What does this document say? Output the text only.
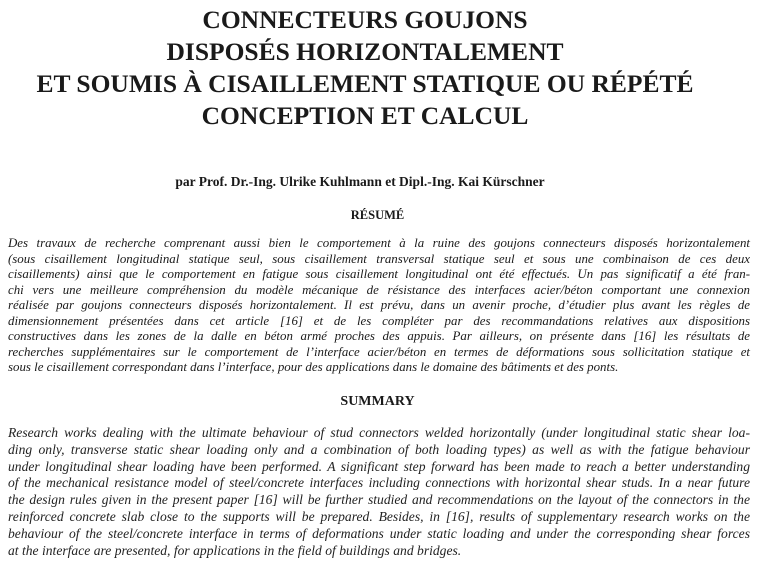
CONNECTEURS GOUJONS
DISPOSÉS HORIZONTALEMENT
ET SOUMIS À CISAILLEMENT STATIQUE OU RÉPÉTÉ
CONCEPTION ET CALCUL
par Prof. Dr.-Ing. Ulrike Kuhlmann et Dipl.-Ing. Kai Kürschner
RÉSUMÉ
Des travaux de recherche comprenant aussi bien le comportement à la ruine des goujons connecteurs disposés horizontalement
(sous cisaillement longitudinal statique seul, sous cisaillement transversal statique seul et sous une combinaison de ces deux
cisaillements) ainsi que le comportement en fatigue sous cisaillement longitudinal ont été effectués. Un pas significatif a été fran-
chi vers une meilleure compréhension du modèle mécanique de résistance des interfaces acier/béton comportant une connexion
réalisée par goujons connecteurs disposés horizontalement. Il est prévu, dans un avenir proche, d’étudier plus avant les règles de
dimensionnement présentées dans cet article [16] et de les compléter par des recommandations relatives aux dispositions
constructives dans les zones de la dalle en béton armé proches des appuis. Par ailleurs, on présente dans [16] les résultats de
recherches supplémentaires sur le comportement de l’interface acier/béton en termes de déformations sous sollicitation statique et
sous le cisaillement correspondant dans l’interface, pour des applications dans le domaine des bâtiments et des ponts.
SUMMARY
Research works dealing with the ultimate behaviour of stud connectors welded horizontally (under longitudinal static shear loa-
ding only, transverse static shear loading only and a combination of both loading types) as well as with the fatigue behaviour
under longitudinal shear loading have been performed. A significant step forward has been made to reach a better understanding
of the mechanical resistance model of steel/concrete interfaces including connections with horizontal shear studs. In a near future
the design rules given in the present paper [16] will be further studied and recommendations on the layout of the connectors in the
reinforced concrete slab close to the supports will be prepared. Besides, in [16], results of supplementary research works on the
behaviour of the steel/concrete interface in terms of deformations under static loading and under the corresponding shear forces
at the interface are presented, for applications in the field of buildings and bridges.
